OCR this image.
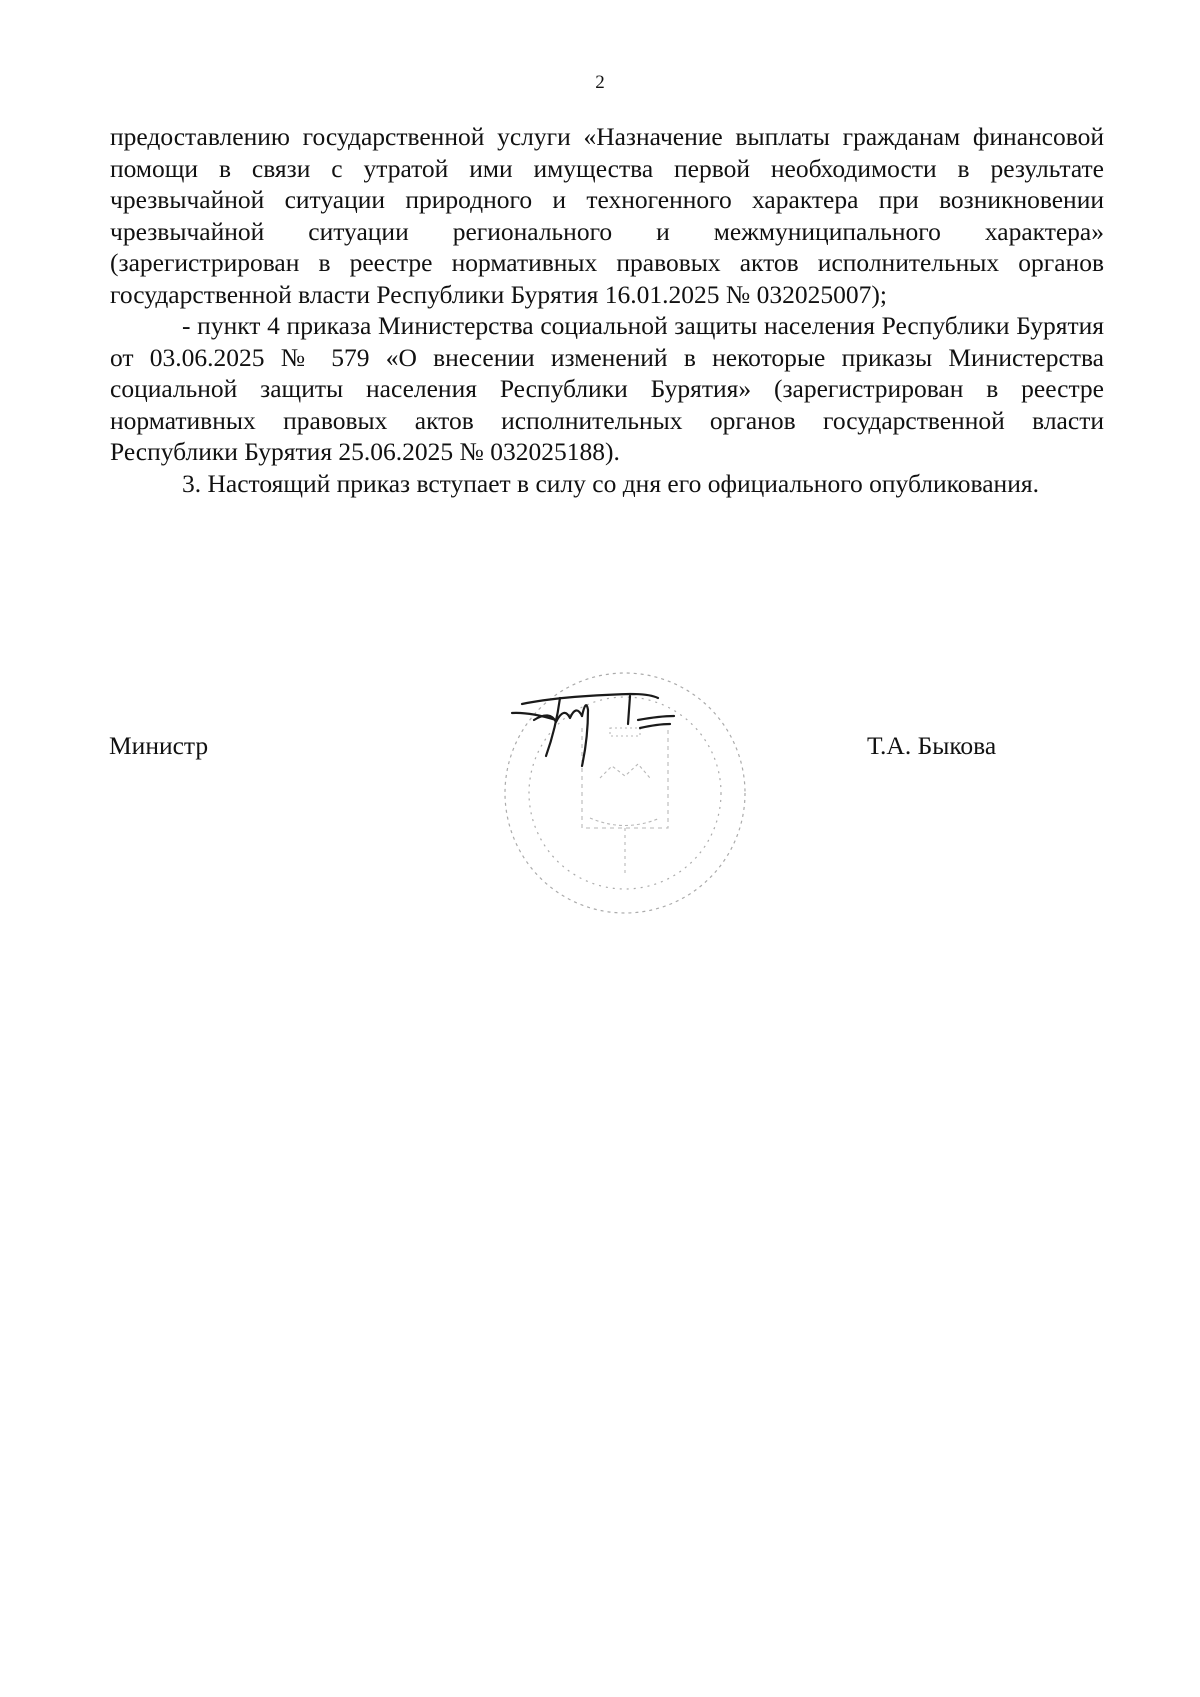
2

предоставлению государственной услуги «Назначение выплаты гражданам финансовой помощи в связи с утратой ими имущества первой необходимости в результате чрезвычайной ситуации природного и техногенного характера при возникновении чрезвычайной ситуации регионального и межмуниципального характера» (зарегистрирован в реестре нормативных правовых актов исполнительных органов государственной власти Республики Бурятия 16.01.2025 № 032025007);

- пункт 4 приказа Министерства социальной защиты населения Республики Бурятия от 03.06.2025 № 579 «О внесении изменений в некоторые приказы Министерства социальной защиты населения Республики Бурятия» (зарегистрирован в реестре нормативных правовых актов исполнительных органов государственной власти Республики Бурятия 25.06.2025 № 032025188).

3. Настоящий приказ вступает в силу со дня его официального опубликования.

Министр	Т.А. Быкова
